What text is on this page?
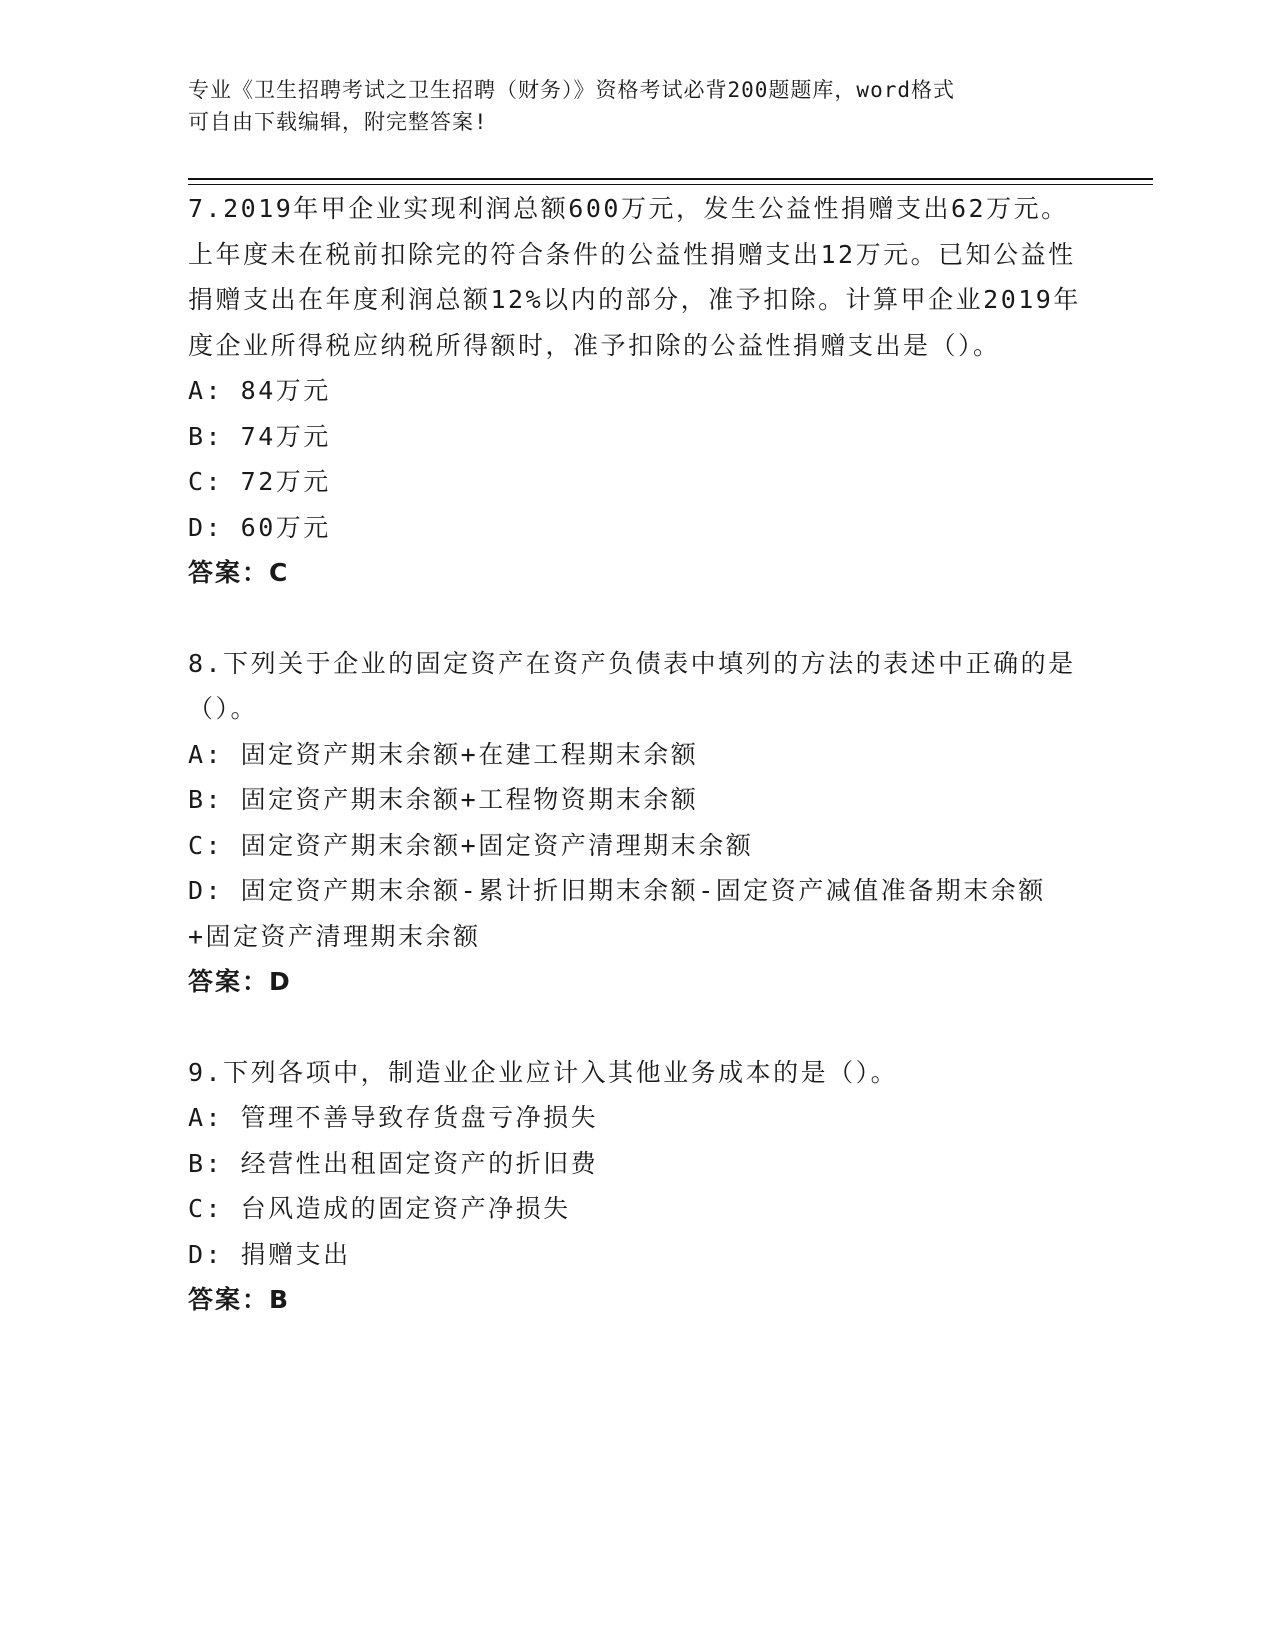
专业《卫生招聘考试之卫生招聘（财务）》资格考试必背200题题库，word格式
可自由下载编辑，附完整答案!

7.2019年甲企业实现利润总额600万元，发生公益性捐赠支出62万元。上年度未在税前扣除完的符合条件的公益性捐赠支出12万元。已知公益性捐赠支出在年度利润总额12%以内的部分，准予扣除。计算甲企业2019年度企业所得税应纳税所得额时，准予扣除的公益性捐赠支出是（）。

A: 84万元

B: 74万元

C: 72万元

D: 60万元

答案：C

8.下列关于企业的固定资产在资产负债表中填列的方法的表述中正确的是（）。

A: 固定资产期末余额+在建工程期末余额

B: 固定资产期末余额+工程物资期末余额

C: 固定资产期末余额+固定资产清理期末余额

D: 固定资产期末余额-累计折旧期末余额-固定资产减值准备期末余额+固定资产清理期末余额

答案：D

9.下列各项中，制造业企业应计入其他业务成本的是（）。

A: 管理不善导致存货盘亏净损失

B: 经营性出租固定资产的折旧费

C: 台风造成的固定资产净损失

D: 捐赠支出

答案：B
